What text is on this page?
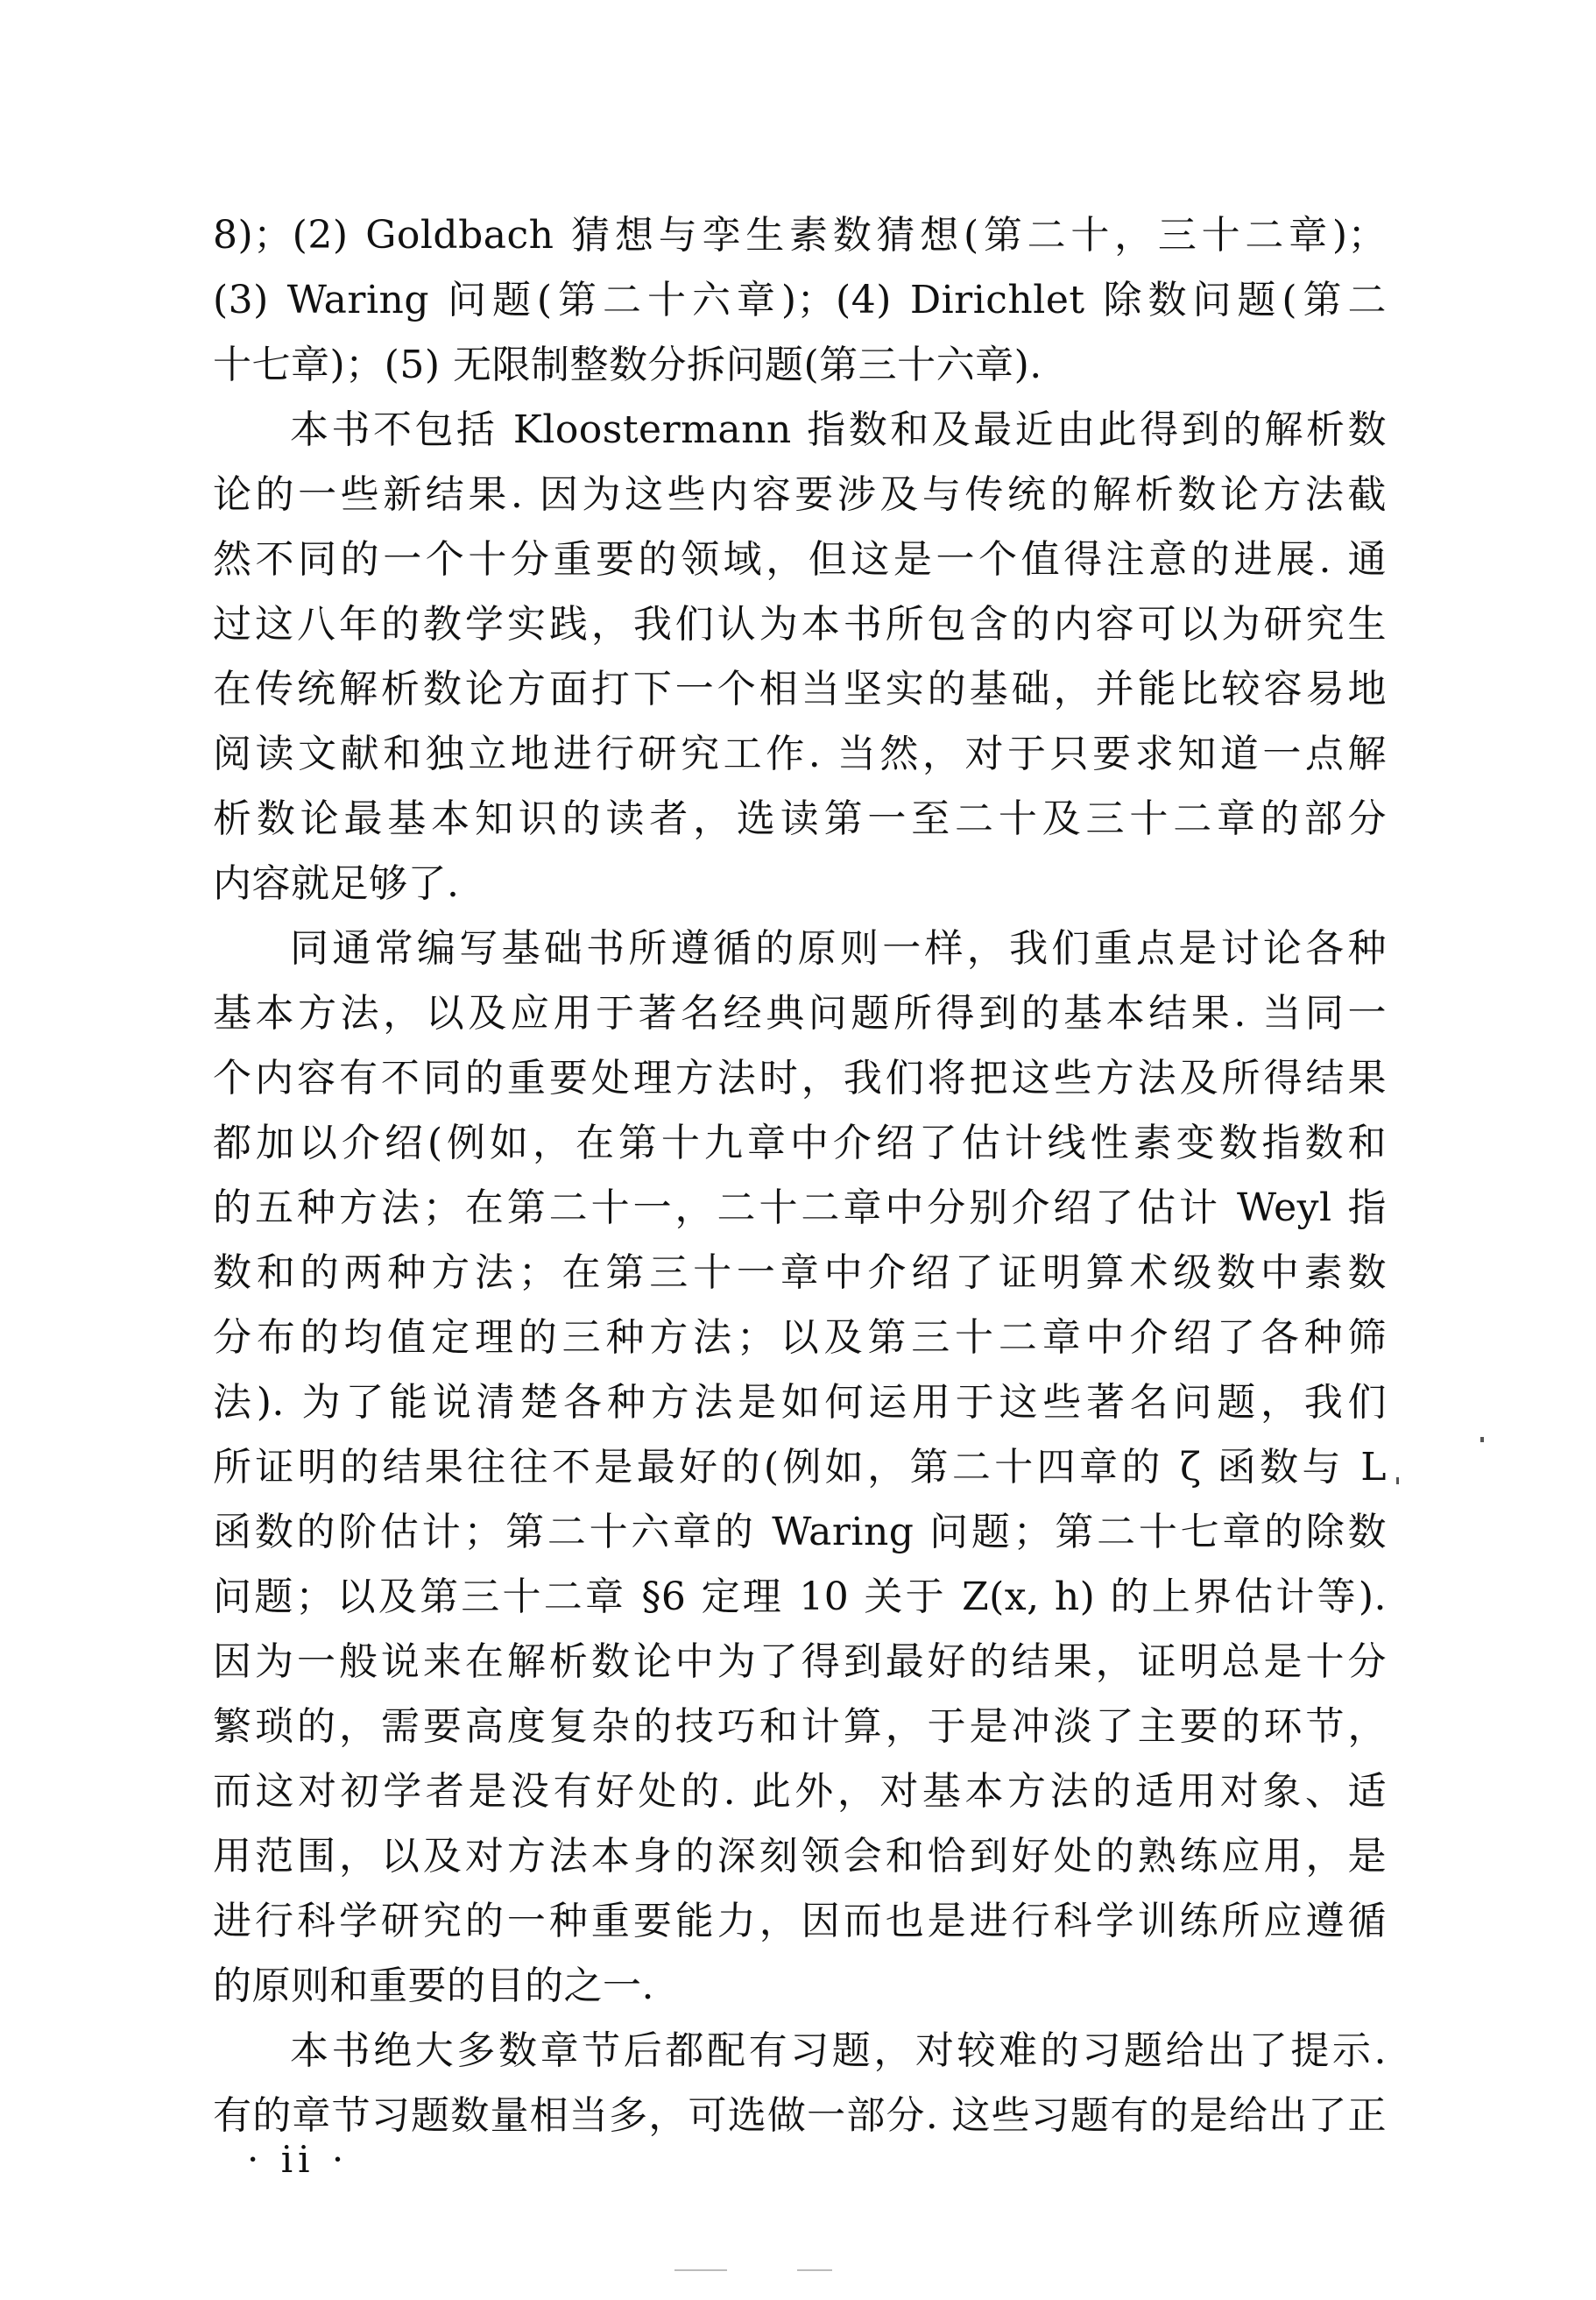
8)；(2) Goldbach 猜想与孪生素数猜想(第二十，三十二章)；
(3) Waring 问题(第二十六章)；(4) Dirichlet 除数问题(第二
十七章)；(5) 无限制整数分拆问题(第三十六章).
本书不包括 Kloostermann 指数和及最近由此得到的解析数
论的一些新结果. 因为这些内容要涉及与传统的解析数论方法截
然不同的一个十分重要的领域，但这是一个值得注意的进展. 通
过这八年的教学实践，我们认为本书所包含的内容可以为研究生
在传统解析数论方面打下一个相当坚实的基础，并能比较容易地
阅读文献和独立地进行研究工作. 当然，对于只要求知道一点解
析数论最基本知识的读者，选读第一至二十及三十二章的部分
内容就足够了.
同通常编写基础书所遵循的原则一样，我们重点是讨论各种
基本方法，以及应用于著名经典问题所得到的基本结果. 当同一
个内容有不同的重要处理方法时，我们将把这些方法及所得结果
都加以介绍(例如，在第十九章中介绍了估计线性素变数指数和
的五种方法；在第二十一，二十二章中分别介绍了估计 Weyl 指
数和的两种方法；在第三十一章中介绍了证明算术级数中素数
分布的均值定理的三种方法；以及第三十二章中介绍了各种筛
法). 为了能说清楚各种方法是如何运用于这些著名问题，我们
所证明的结果往往不是最好的(例如，第二十四章的 ζ 函数与 L
函数的阶估计；第二十六章的 Waring 问题；第二十七章的除数
问题；以及第三十二章 §6 定理 10 关于 Z(x, h) 的上界估计等).
因为一般说来在解析数论中为了得到最好的结果，证明总是十分
繁琐的，需要高度复杂的技巧和计算，于是冲淡了主要的环节，
而这对初学者是没有好处的. 此外，对基本方法的适用对象、适
用范围，以及对方法本身的深刻领会和恰到好处的熟练应用，是
进行科学研究的一种重要能力，因而也是进行科学训练所应遵循
的原则和重要的目的之一.
本书绝大多数章节后都配有习题，对较难的习题给出了提示.
有的章节习题数量相当多，可选做一部分. 这些习题有的是给出了正
· ii ·
